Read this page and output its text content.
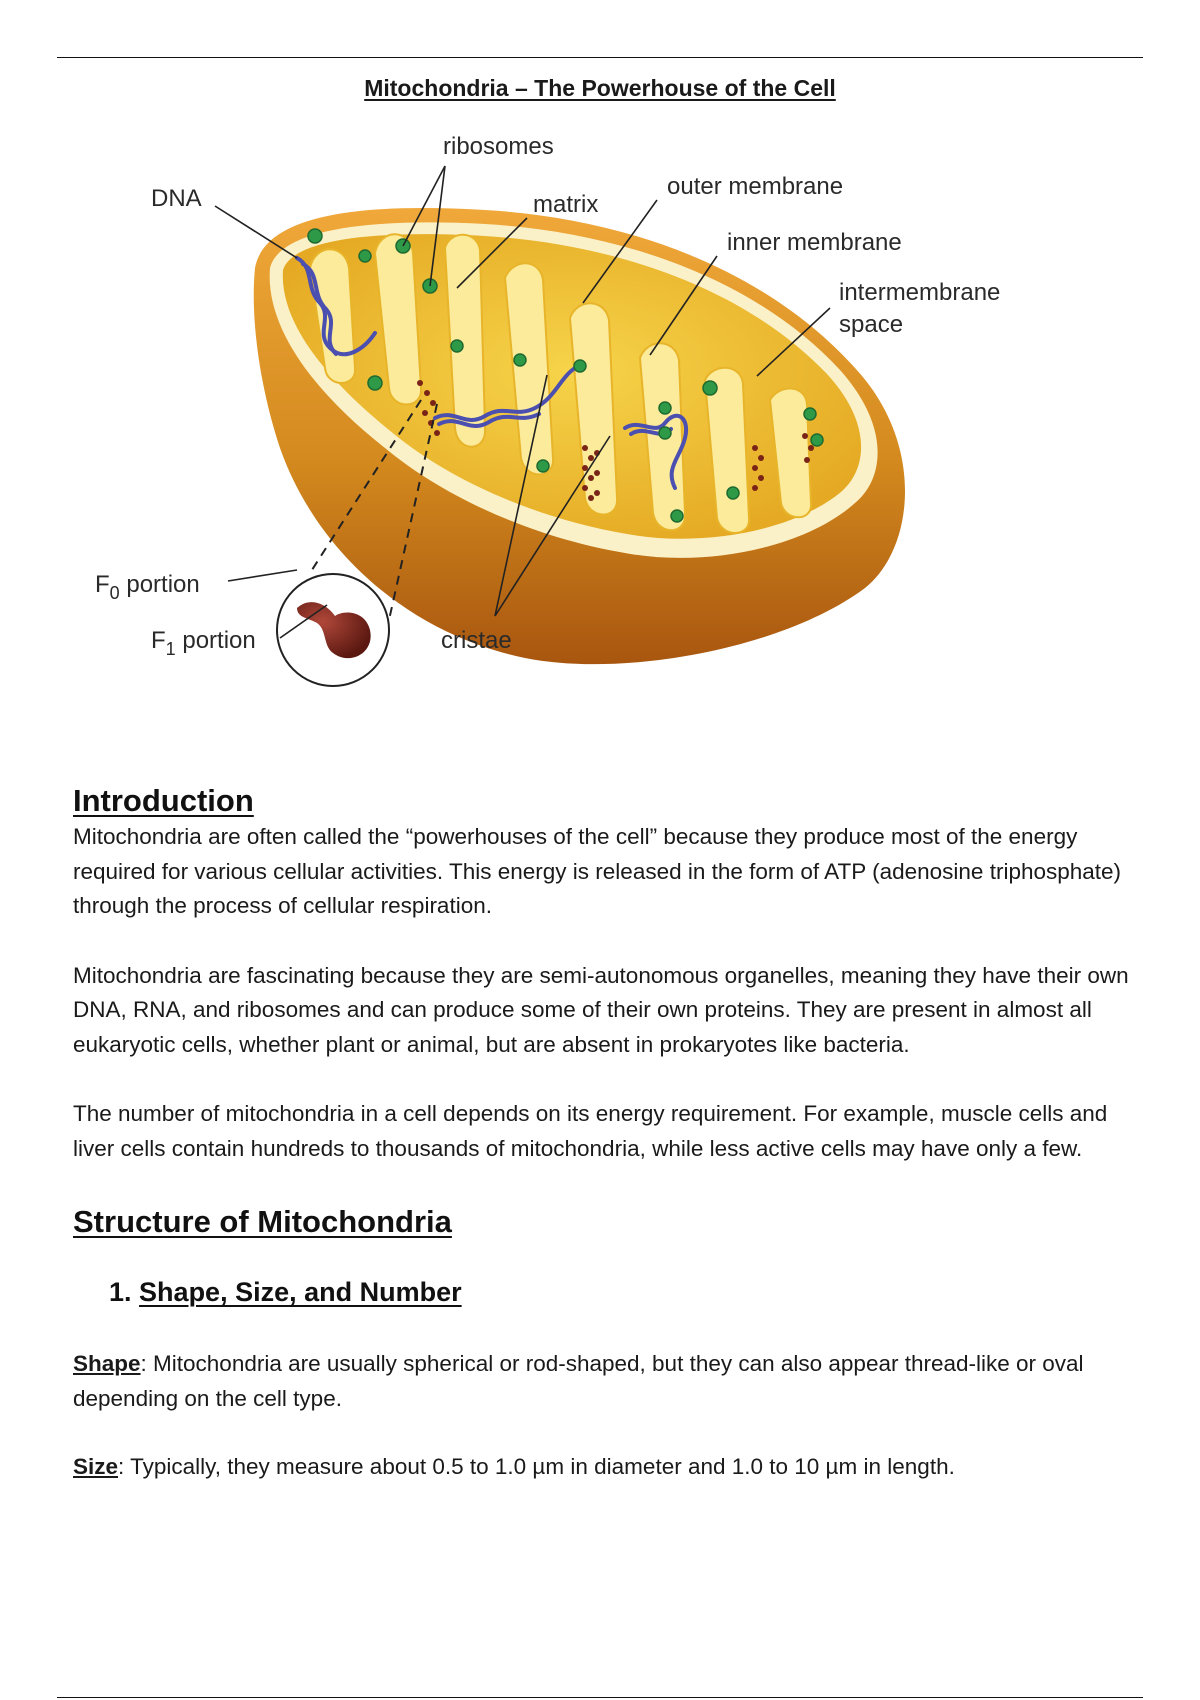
Mitochondria – The Powerhouse of the Cell
ribosomes
DNA	matrix
outer membrane
inner membrane
intermembrane
space
$F_0$ portion
$F_1$ portion	cristae
Introduction

Mitochondria are often called the “powerhouses of the cell” because they produce most of the energy required for various cellular activities. This energy is released in the form of ATP (adenosine triphosphate) through the process of cellular respiration.

Mitochondria are fascinating because they are semi-autonomous organelles, meaning they have their own DNA, RNA, and ribosomes and can produce some of their own proteins. They are present in almost all eukaryotic cells, whether plant or animal, but are absent in prokaryotes like bacteria.

The number of mitochondria in a cell depends on its energy requirement. For example, muscle cells and liver cells contain hundreds to thousands of mitochondria, while less active cells may have only a few.

Structure of Mitochondria
1. Shape, Size, and Number

Shape: Mitochondria are usually spherical or rod-shaped, but they can also appear thread-like or oval depending on the cell type.

Size: Typically, they measure about 0.5 to 1.0 µm in diameter and 1.0 to 10 µm in length.
